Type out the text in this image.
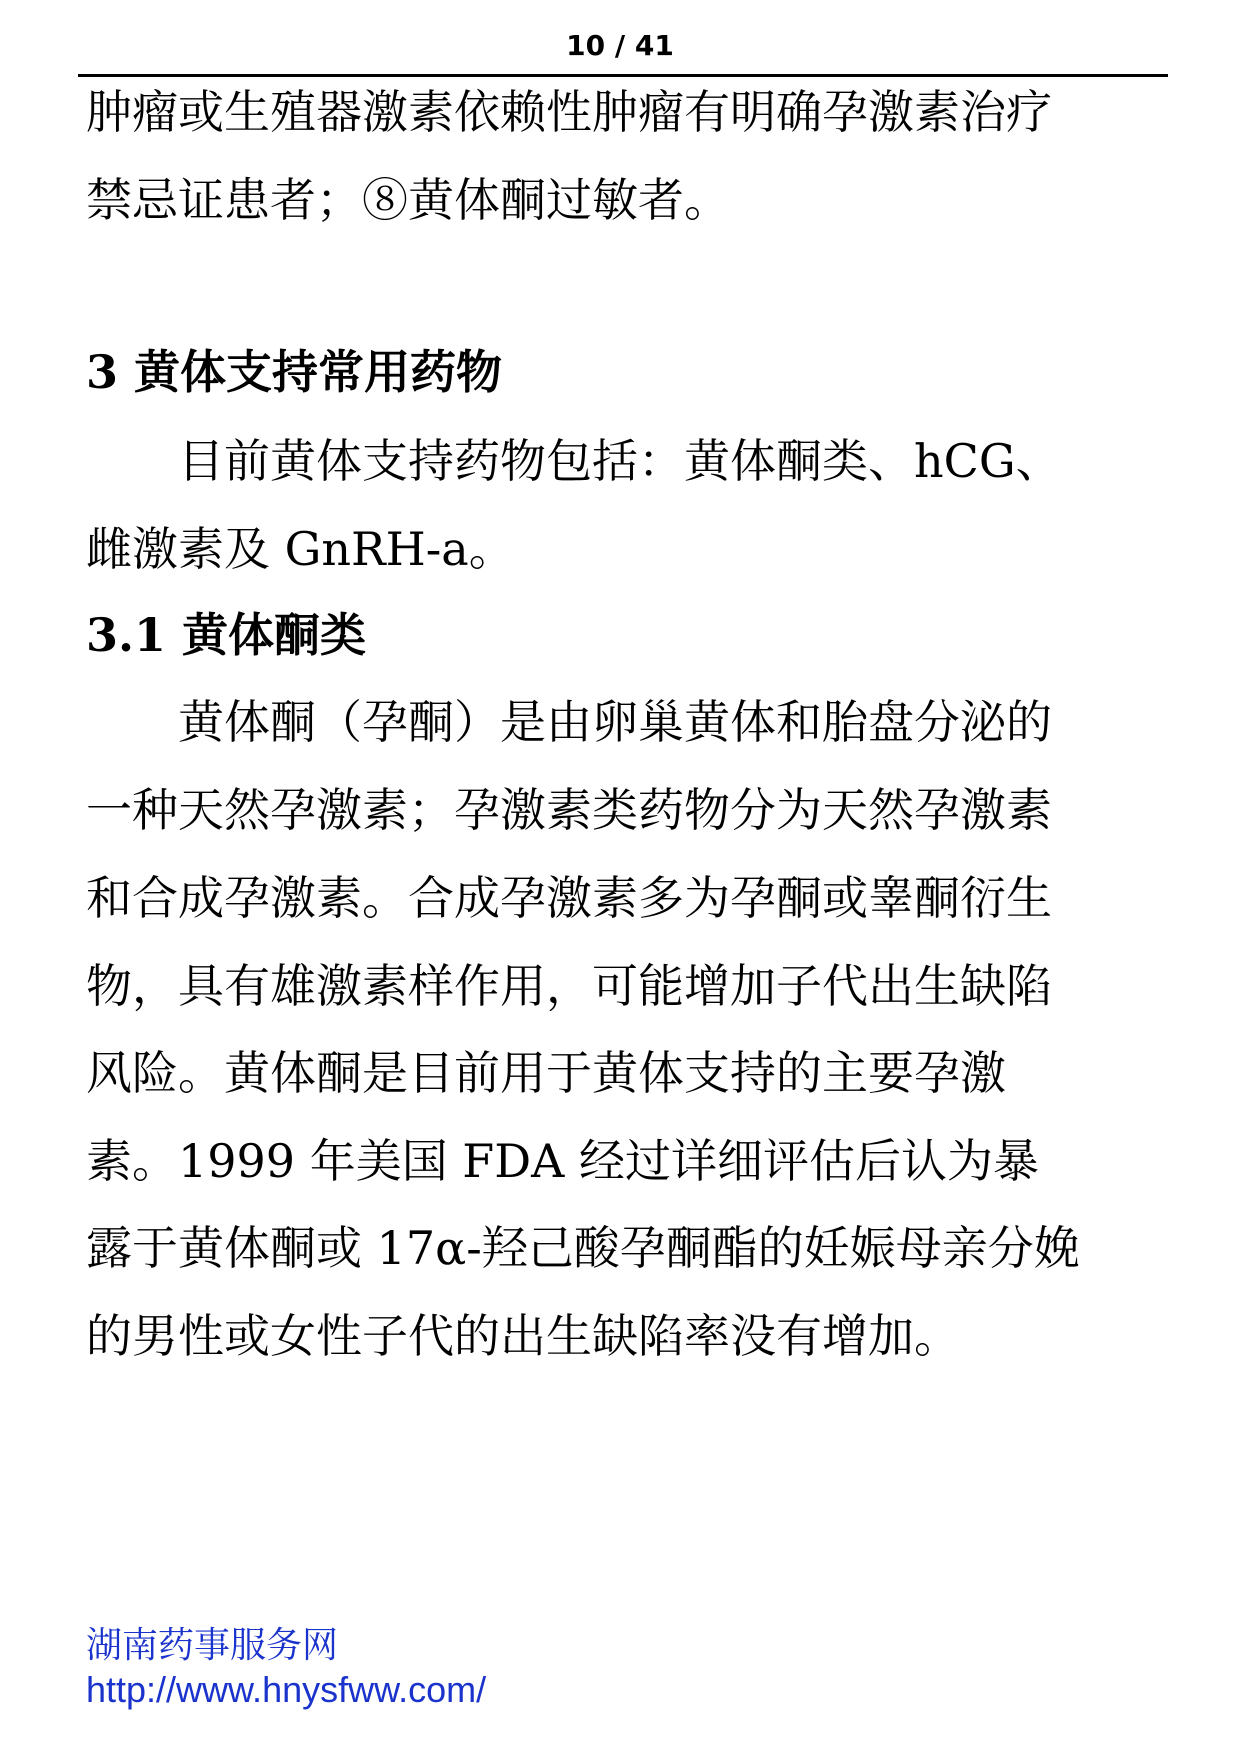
10 / 41
肿瘤或生殖器激素依赖性肿瘤有明确孕激素治疗
禁忌证患者；⑧黄体酮过敏者。
3 黄体支持常用药物
目前黄体支持药物包括：黄体酮类、hCG、
雌激素及 GnRH-a。
3.1 黄体酮类
黄体酮（孕酮）是由卵巢黄体和胎盘分泌的
一种天然孕激素；孕激素类药物分为天然孕激素
和合成孕激素。合成孕激素多为孕酮或睾酮衍生
物，具有雄激素样作用，可能增加子代出生缺陷
风险。黄体酮是目前用于黄体支持的主要孕激
素。1999 年美国 FDA 经过详细评估后认为暴
露于黄体酮或 17α-羟己酸孕酮酯的妊娠母亲分娩
的男性或女性子代的出生缺陷率没有增加。
湖南药事服务网
http://www.hnysfww.com/
